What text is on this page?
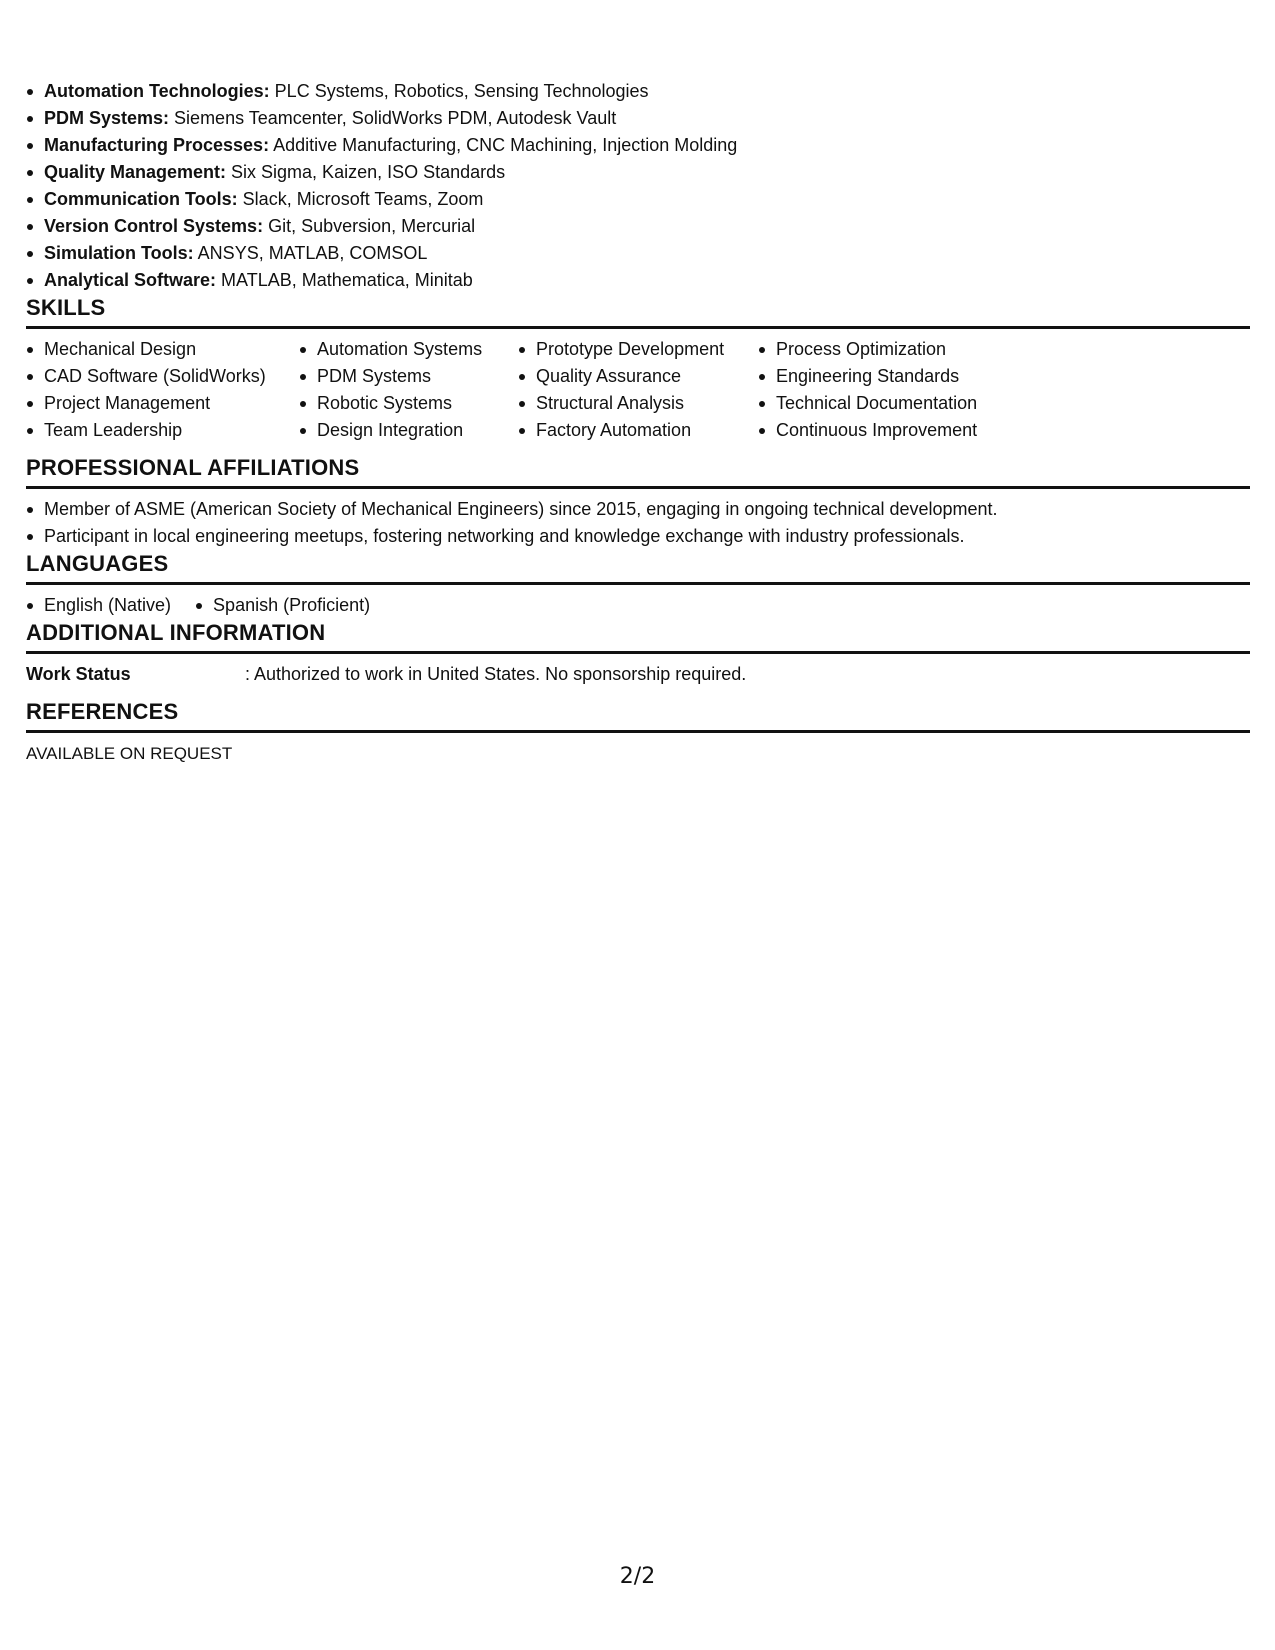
Automation Technologies: PLC Systems, Robotics, Sensing Technologies
PDM Systems: Siemens Teamcenter, SolidWorks PDM, Autodesk Vault
Manufacturing Processes: Additive Manufacturing, CNC Machining, Injection Molding
Quality Management: Six Sigma, Kaizen, ISO Standards
Communication Tools: Slack, Microsoft Teams, Zoom
Version Control Systems: Git, Subversion, Mercurial
Simulation Tools: ANSYS, MATLAB, COMSOL
Analytical Software: MATLAB, Mathematica, Minitab
SKILLS
Mechanical Design
CAD Software (SolidWorks)
Project Management
Team Leadership
Automation Systems
PDM Systems
Robotic Systems
Design Integration
Prototype Development
Quality Assurance
Structural Analysis
Factory Automation
Process Optimization
Engineering Standards
Technical Documentation
Continuous Improvement
PROFESSIONAL AFFILIATIONS
Member of ASME (American Society of Mechanical Engineers) since 2015, engaging in ongoing technical development.
Participant in local engineering meetups, fostering networking and knowledge exchange with industry professionals.
LANGUAGES
English (Native)	Spanish (Proficient)
ADDITIONAL INFORMATION
Work Status	: Authorized to work in United States. No sponsorship required.
REFERENCES
AVAILABLE ON REQUEST
2/2
